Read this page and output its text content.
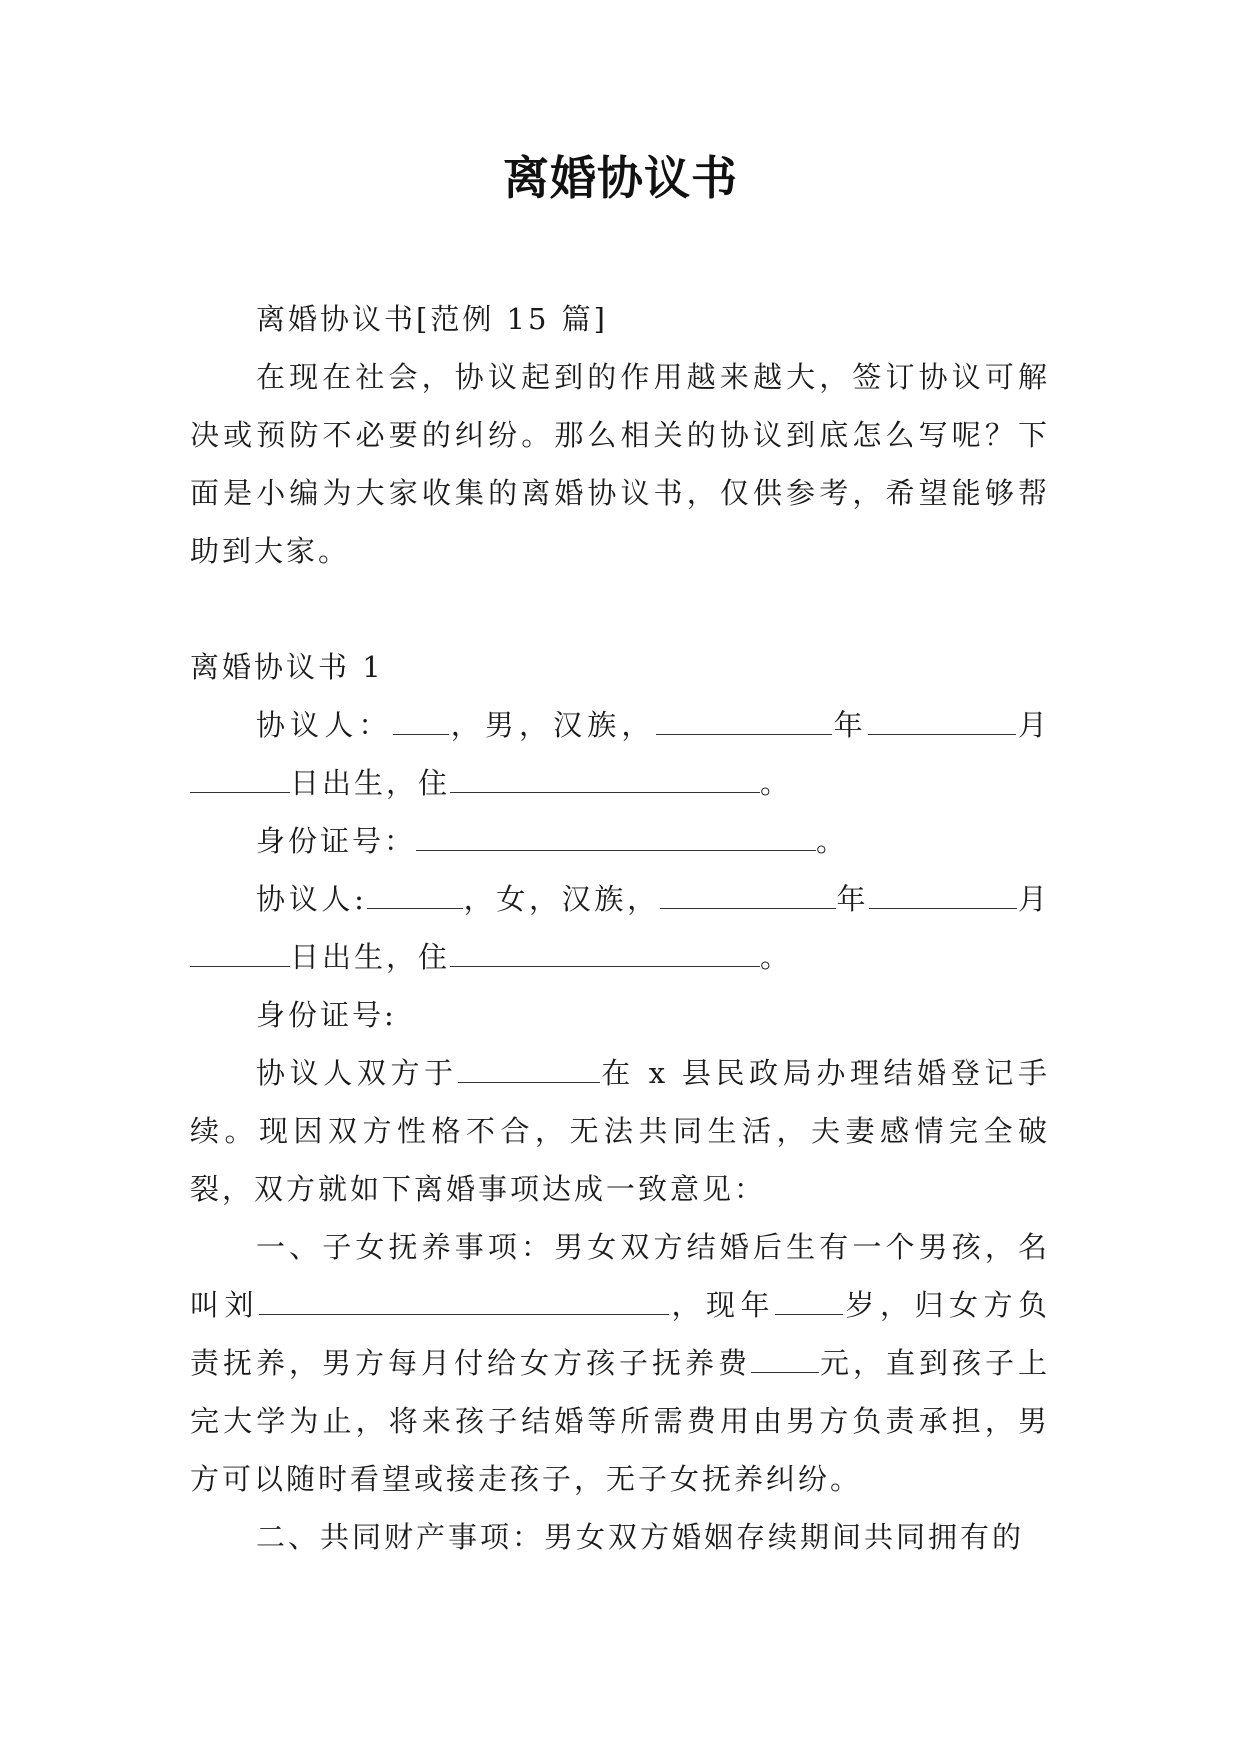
离婚协议书

离婚协议书[范例 15 篇]

在现在社会，协议起到的作用越来越大，签订协议可解决或预防不必要的纠纷。那么相关的协议到底怎么写呢？下面是小编为大家收集的离婚协议书，仅供参考，希望能够帮助到大家。

离婚协议书 1

协议人： ，男，汉族，	年	月日出生，住	。

身份证号：	。

协议人:	，女，汉族，	年	月日出生，住	。

身份证号:

协议人双方于	在 x 县民政局办理结婚登记手续。现因双方性格不合，无法共同生活，夫妻感情完全破裂，双方就如下离婚事项达成一致意见：

一、子女抚养事项：男女双方结婚后生有一个男孩，名叫刘	，现年 岁，归女方负责抚养，男方每月付给女方孩子抚养费 元，直到孩子上完大学为止，将来孩子结婚等所需费用由男方负责承担，男方可以随时看望或接走孩子，无子女抚养纠纷。

二、共同财产事项：男女双方婚姻存续期间共同拥有的
